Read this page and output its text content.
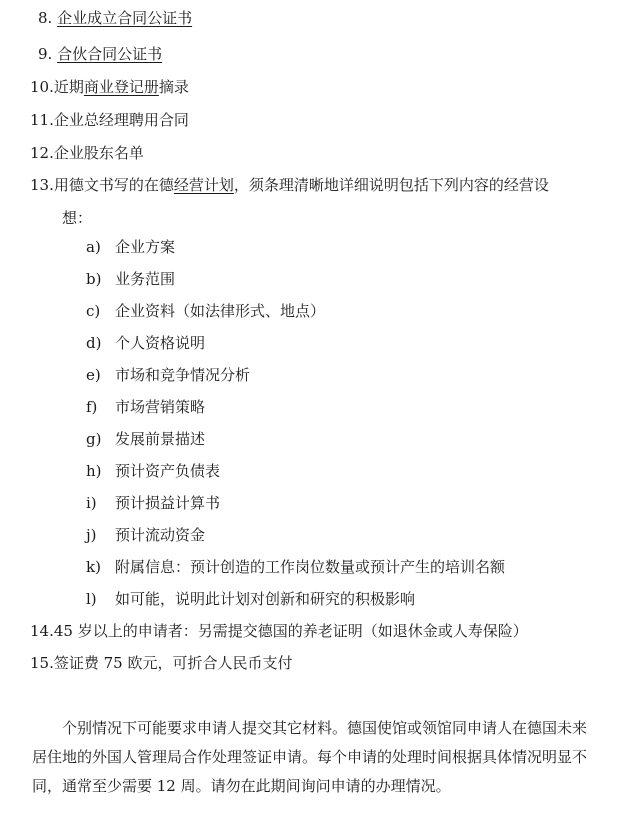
8. 企业成立合同公证书
9. 合伙合同公证书
10.近期商业登记册摘录
11.企业总经理聘用合同
12.企业股东名单
13.用德文书写的在德经营计划，须条理清晰地详细说明包括下列内容的经营设
想：
a) 企业方案
b) 业务范围
c) 企业资料（如法律形式、地点）
d) 个人资格说明
e) 市场和竞争情况分析
f)	市场营销策略
g) 发展前景描述
h) 预计资产负债表
i)	预计损益计算书
j)	预计流动资金
k) 附属信息：预计创造的工作岗位数量或预计产生的培训名额
l)	如可能，说明此计划对创新和研究的积极影响
14.45 岁以上的申请者：另需提交德国的养老证明（如退休金或人寿保险）
15.签证费 75 欧元，可折合人民币支付
个别情况下可能要求申请人提交其它材料。德国使馆或领馆同申请人在德国未来
居住地的外国人管理局合作处理签证申请。每个申请的处理时间根据具体情况明显不
同，通常至少需要 12 周。请勿在此期间询问申请的办理情况。
